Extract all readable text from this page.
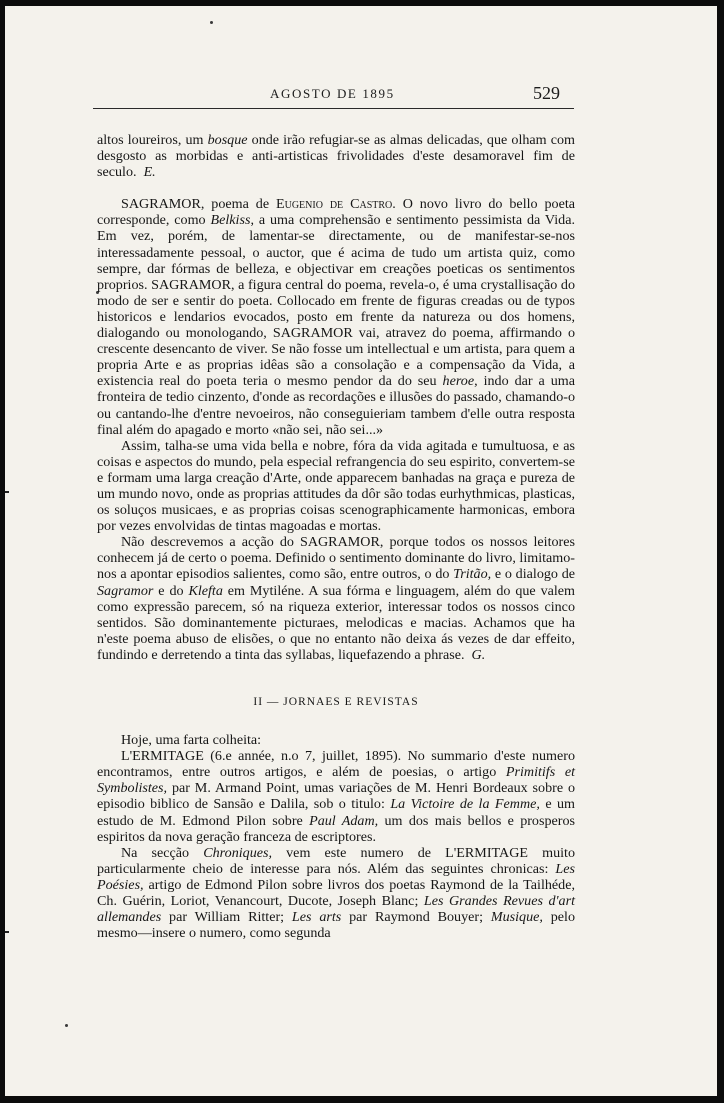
AGOSTO DE 1895	529

altos loureiros, um bosque onde irão refugiar-se as almas delicadas, que olham com desgosto as morbidas e anti-artisticas frivolidades d'este desamoravel fim de seculo. E.

SAGRAMOR, poema de Eugenio de Castro. O novo livro do bello poeta corresponde, como Belkiss, a uma comprehensão e sentimento pessimista da Vida. Em vez, porém, de lamentar-se directamente, ou de manifestar-se-nos interessadamente pessoal, o auctor, que é acima de tudo um artista quiz, como sempre, dar fórmas de belleza, e objectivar em creações poeticas os sentimentos proprios. SAGRAMOR, a figura central do poema, revela-o, é uma crystallisação do modo de ser e sentir do poeta. Collocado em frente de figuras creadas ou de typos historicos e lendarios evocados, posto em frente da natureza ou dos homens, dialogando ou monologando, SAGRAMOR vai, atravez do poema, affirmando o crescente desencanto de viver. Se não fosse um intellectual e um artista, para quem a propria Arte e as proprias idêas são a consolação e a compensação da Vida, a existencia real do poeta teria o mesmo pendor da do seu heroe, indo dar a uma fronteira de tedio cinzento, d'onde as recordações e illusões do passado, chamando-o ou cantando-lhe d'entre nevoeiros, não conseguieriam tambem d'elle outra resposta final além do apagado e morto «não sei, não sei...»

Assim, talha-se uma vida bella e nobre, fóra da vida agitada e tumultuosa, e as coisas e aspectos do mundo, pela especial refrangencia do seu espirito, convertem-se e formam uma larga creação d'Arte, onde apparecem banhadas na graça e pureza de um mundo novo, onde as proprias attitudes da dôr são todas eurhythmicas, plasticas, os soluços musicaes, e as proprias coisas scenographicamente harmonicas, embora por vezes envolvidas de tintas magoadas e mortas.

Não descrevemos a acção do SAGRAMOR, porque todos os nossos leitores conhecem já de certo o poema. Definido o sentimento dominante do livro, limitamo-nos a apontar episodios salientes, como são, entre outros, o do Tritão, e o dialogo de Sagramor e do Klefta em Mytiléne. A sua fórma e linguagem, além do que valem como expressão parecem, só na riqueza exterior, interessar todos os nossos cinco sentidos. São dominantemente picturaes, melodicas e macias. Achamos que ha n'este poema abuso de elisões, o que no entanto não deixa ás vezes de dar effeito, fundindo e derretendo a tinta das syllabas, liquefazendo a phrase. G.

II — JORNAES E REVISTAS

Hoje, uma farta colheita:

L'ERMITAGE (6.e année, n.o 7, juillet, 1895). No summario d'este numero encontramos, entre outros artigos, e além de poesias, o artigo Primitifs et Symbolistes, par M. Armand Point, umas variações de M. Henri Bordeaux sobre o episodio biblico de Sansão e Dalila, sob o titulo: La Victoire de la Femme, e um estudo de M. Edmond Pilon sobre Paul Adam, um dos mais bellos e prosperos espiritos da nova geração franceza de escriptores.

Na secção Chroniques, vem este numero de L'ERMITAGE muito particularmente cheio de interesse para nós. Além das seguintes chronicas: Les Poésies, artigo de Edmond Pilon sobre livros dos poetas Raymond de la Tailhéde, Ch. Guérin, Loriot, Venancourt, Ducote, Joseph Blanc; Les Grandes Revues d'art allemandes par William Ritter; Les arts par Raymond Bouyer; Musique, pelo mesmo—insere o numero, como segunda
